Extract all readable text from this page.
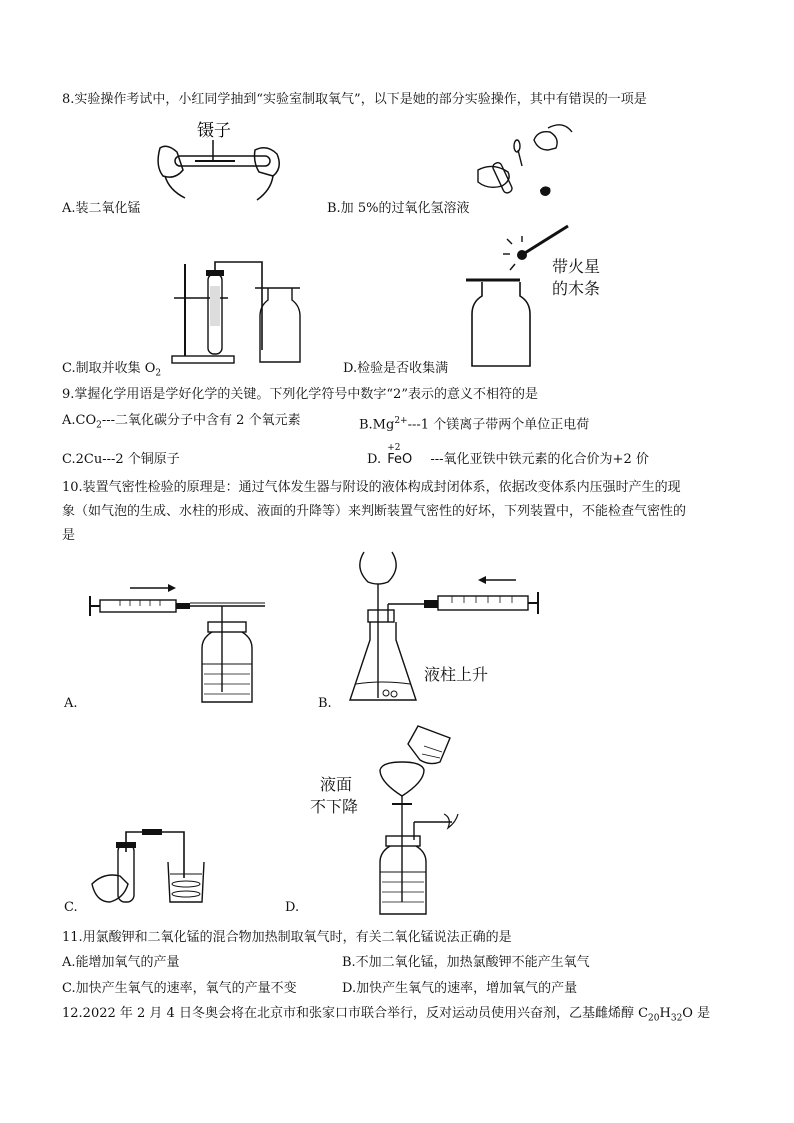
8.实验操作考试中，小红同学抽到“实验室制取氧气”，以下是她的部分实验操作，其中有错误的一项是
镊子
A.装二氧化锰	B.加 5%的过氧化氢溶液
C.制取并收集 $O_2$
带火星
的木条
D.检验是否收集满
9.掌握化学用语是学好化学的关键。下列化学符号中数字“2”表示的意义不相符的是
$A.CO_2---$二氧化碳分子中含有 2 个氧元素	$B.Mg^{2+}---1$ 个镁离子带两个单位正电荷
C.2Cu---2 个铜原子	D.
+2
FeO ---氧化亚铁中铁元素的化合价为+2 价
10.装置气密性检验的原理是：通过气体发生器与附设的液体构成封闭体系，依据改变体系内压强时产生的现
象（如气泡的生成、水柱的形成、液面的升降等）来判断装置气密性的好坏，下列装置中，不能检查气密性的
是
A.
液柱上升
B.
C.
液面
不下降
D.
11.用氯酸钾和二氧化锰的混合物加热制取氧气时，有关二氧化锰说法正确的是
A.能增加氧气的产量	B.不加二氧化锰，加热氯酸钾不能产生氧气
C.加快产生氧气的速率，氧气的产量不变	D.加快产生氧气的速率，增加氧气的产量
12.2022 年 2 月 4 日冬奥会将在北京市和张家口市联合举行，反对运动员使用兴奋剂，乙基雌烯醇 $C_{20}H_{32}O$ 是
